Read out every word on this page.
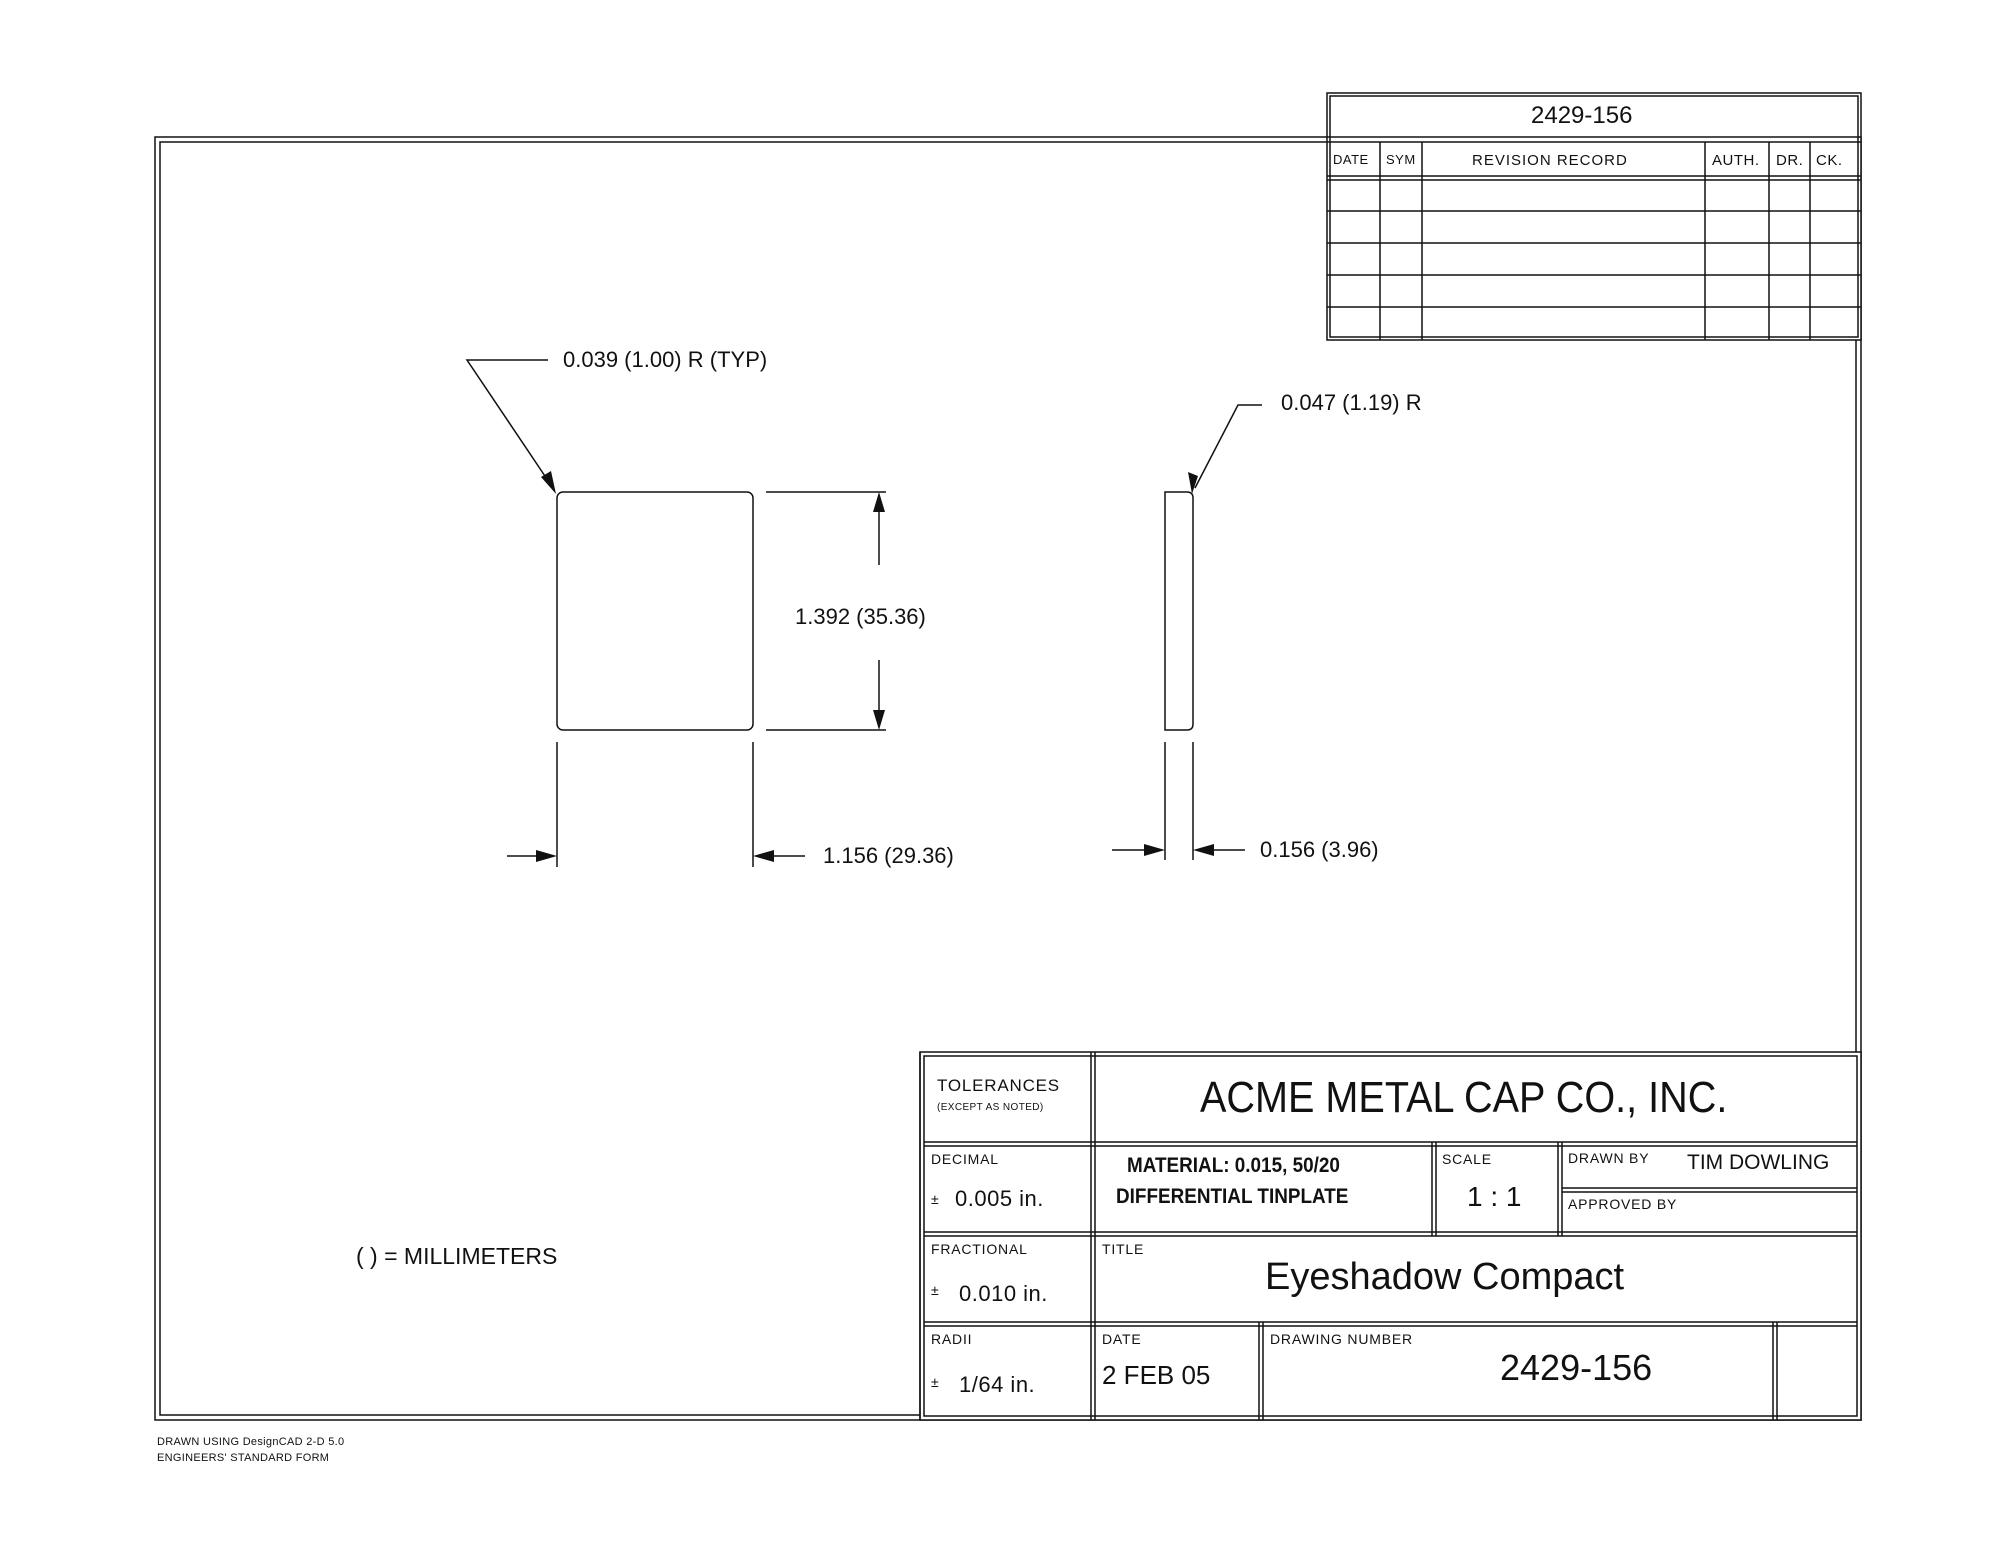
2429-156
DATE SYM	REVISION RECORD	AUTH. DR. CK.
0.039 (1.00) R (TYP)
1.392 (35.36)
1.156 (29.36)
0.047 (1.19) R
0.156 (3.96)
( ) = MILLIMETERS
TOLERANCES
(EXCEPT AS NOTED)	ACME METAL CAP CO., INC.
DECIMAL
± 0.005 in.
MATERIAL: 0.015, 50/20
DIFFERENTIAL TINPLATE
SCALE
1 : 1
DRAWN BY TIM DOWLING
APPROVED BY
FRACTIONAL
± 0.010 in.
TITLE
Eyeshadow Compact
RADII
± 1/64 in.
DATE
2 FEB 05
DRAWING NUMBER
2429-156
DRAWN USING DesignCAD 2-D 5.0
ENGINEERS' STANDARD FORM
